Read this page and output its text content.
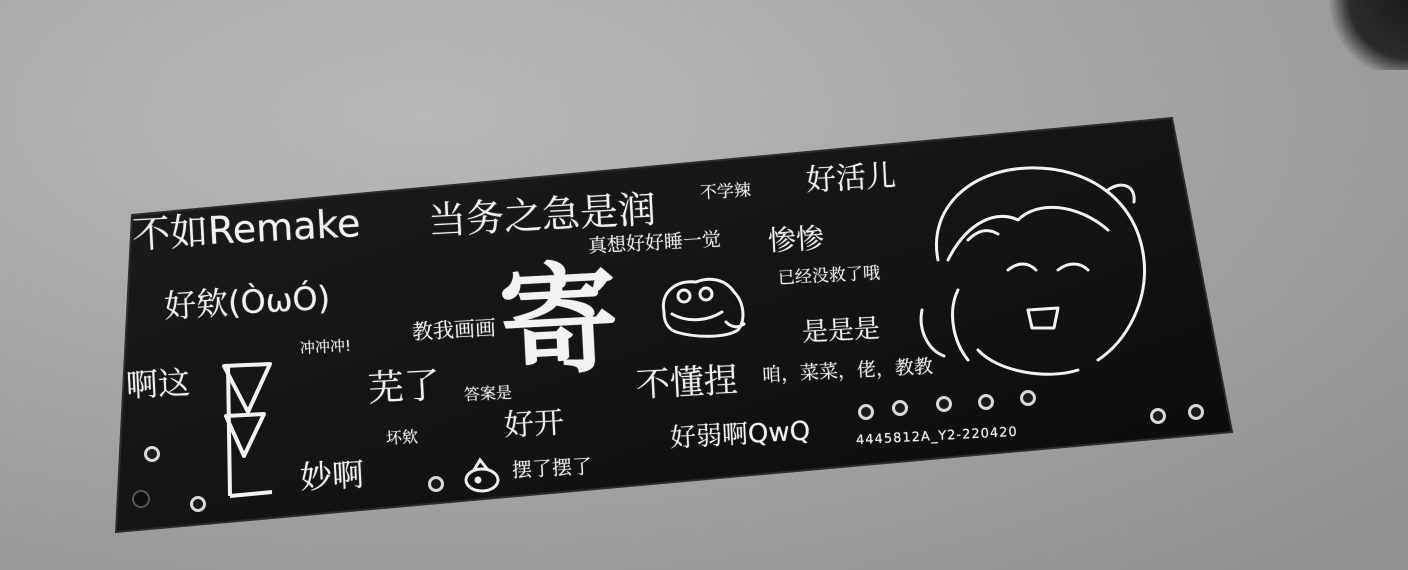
不如Remake 当务之急是润 不学辣 好活儿
真想好好睡一觉 惨惨
好欸(ÒωÓ)
已经没救了哦
教我画画 寄	是是是
冲冲冲!
啊这	芜了 答案是	不懂捏 咱，菜菜，佬，教教
坏欸	好开	好弱啊QwQ
妙啊	摆了摆了
4445812A_Y2-220420
